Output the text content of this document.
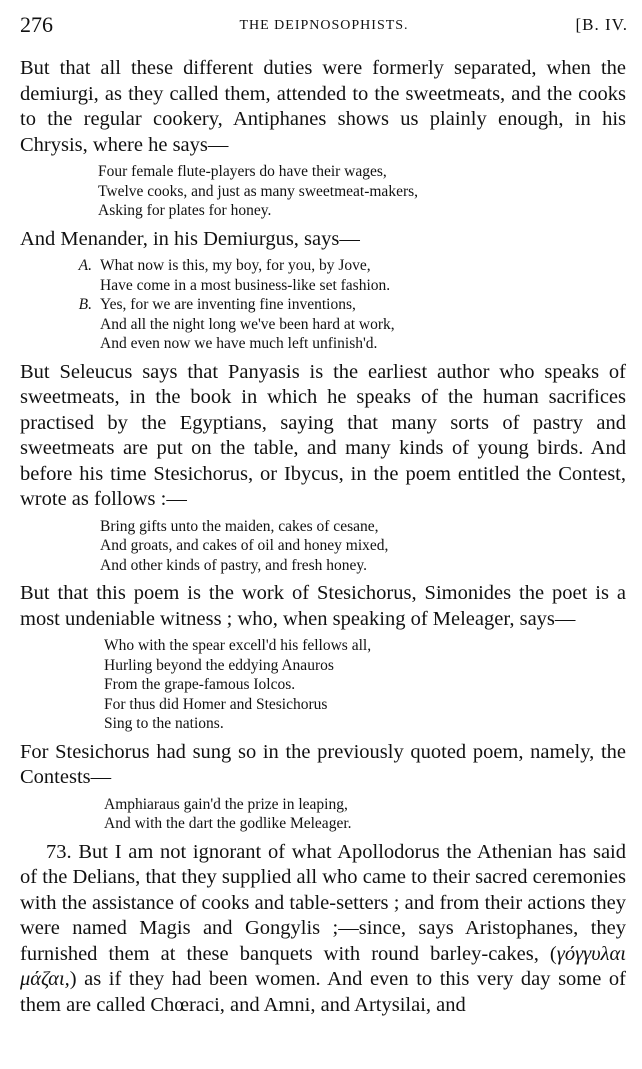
276	THE DEIPNOSOPHISTS.	[B. IV.

But that all these different duties were formerly separated, when the demiurgi, as they called them, attended to the sweetmeats, and the cooks to the regular cookery, Antiphanes shows us plainly enough, in his Chrysis, where he says—

Four female flute-players do have their wages,
Twelve cooks, and just as many sweetmeat-makers,
Asking for plates for honey.

And Menander, in his Demiurgus, says—

A. What now is this, my boy, for you, by Jove,
Have come in a most business-like set fashion.
B. Yes, for we are inventing fine inventions,
And all the night long we've been hard at work,
And even now we have much left unfinish'd.

But Seleucus says that Panyasis is the earliest author who speaks of sweetmeats, in the book in which he speaks of the human sacrifices practised by the Egyptians, saying that many sorts of pastry and sweetmeats are put on the table, and many kinds of young birds. And before his time Stesichorus, or Ibycus, in the poem entitled the Contest, wrote as follows :—

Bring gifts unto the maiden, cakes of cesane,
And groats, and cakes of oil and honey mixed,
And other kinds of pastry, and fresh honey.

But that this poem is the work of Stesichorus, Simonides the poet is a most undeniable witness ; who, when speaking of Meleager, says—

Who with the spear excell'd his fellows all,
Hurling beyond the eddying Anauros
From the grape-famous Iolcos.
For thus did Homer and Stesichorus
Sing to the nations.

For Stesichorus had sung so in the previously quoted poem, namely, the Contests—

Amphiaraus gain'd the prize in leaping,
And with the dart the godlike Meleager.

73. But I am not ignorant of what Apollodorus the Athenian has said of the Delians, that they supplied all who came to their sacred ceremonies with the assistance of cooks and table-setters ; and from their actions they were named Magis and Gongylis ;—since, says Aristophanes, they furnished them at these banquets with round barley-cakes, (γόγγυλαι μάζαι,) as if they had been women. And even to this very day some of them are called Chœraci, and Amni, and Artysilai, and
